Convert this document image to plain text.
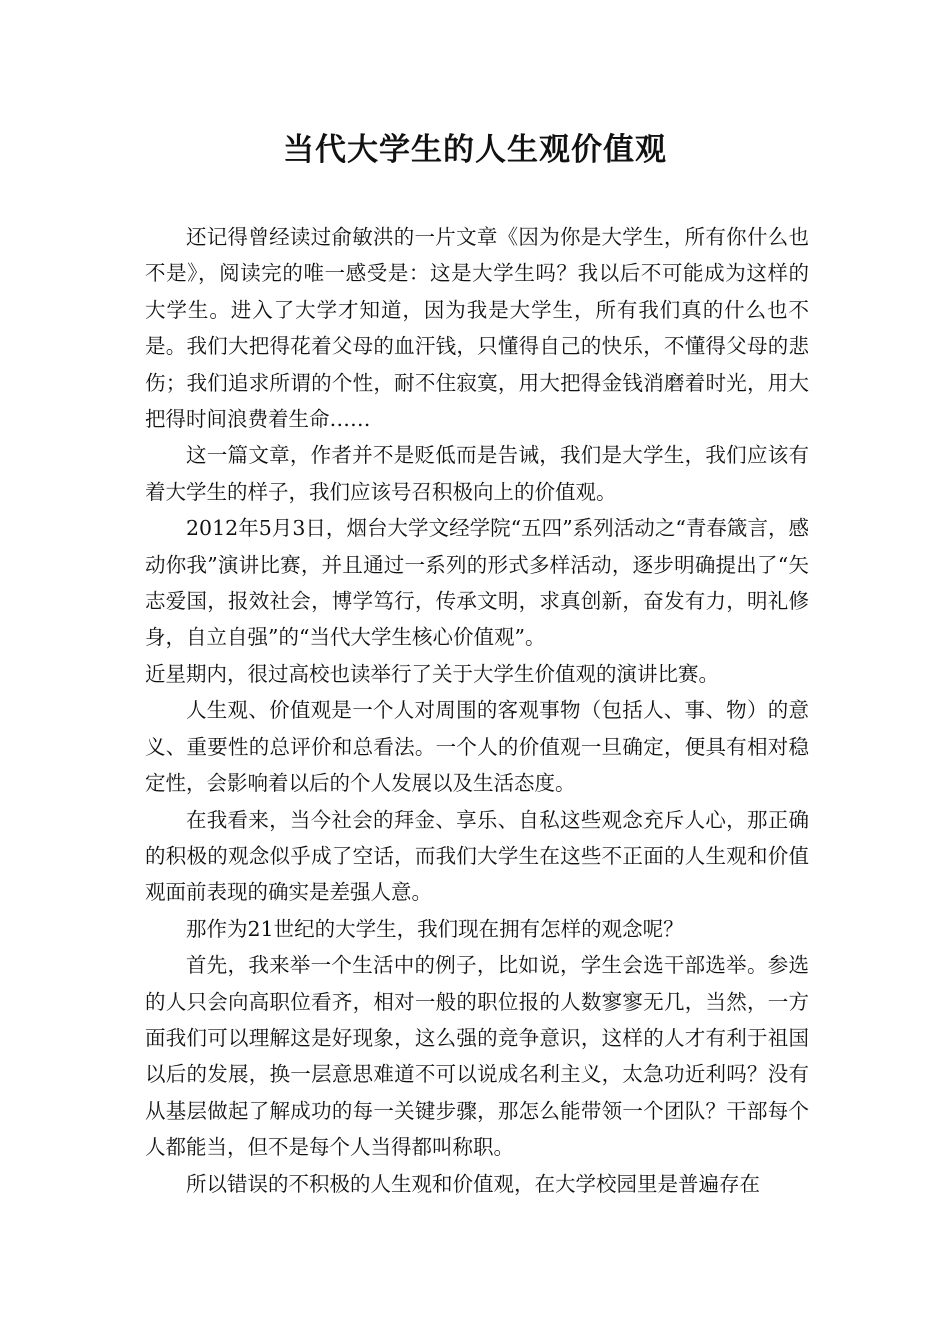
当代大学生的人生观价值观

还记得曾经读过俞敏洪的一片文章《因为你是大学生，所有你什么也不是》，阅读完的唯一感受是：这是大学生吗？我以后不可能成为这样的大学生。进入了大学才知道，因为我是大学生，所有我们真的什么也不是。我们大把得花着父母的血汗钱，只懂得自己的快乐，不懂得父母的悲伤；我们追求所谓的个性，耐不住寂寞，用大把得金钱消磨着时光，用大把得时间浪费着生命……

这一篇文章，作者并不是贬低而是告诫，我们是大学生，我们应该有着大学生的样子，我们应该号召积极向上的价值观。

2012年5月3日，烟台大学文经学院“五四”系列活动之“青春箴言，感动你我”演讲比赛，并且通过一系列的形式多样活动，逐步明确提出了“矢志爱国，报效社会，博学笃行，传承文明，求真创新，奋发有力，明礼修身，自立自强”的“当代大学生核心价值观”。

近星期内，很过高校也读举行了关于大学生价值观的演讲比赛。

人生观、价值观是一个人对周围的客观事物（包括人、事、物）的意义、重要性的总评价和总看法。一个人的价值观一旦确定，便具有相对稳定性，会影响着以后的个人发展以及生活态度。

在我看来，当今社会的拜金、享乐、自私这些观念充斥人心，那正确的积极的观念似乎成了空话，而我们大学生在这些不正面的人生观和价值观面前表现的确实是差强人意。

那作为21世纪的大学生，我们现在拥有怎样的观念呢？

首先，我来举一个生活中的例子，比如说，学生会选干部选举。参选的人只会向高职位看齐，相对一般的职位报的人数寥寥无几，当然，一方面我们可以理解这是好现象，这么强的竞争意识，这样的人才有利于祖国以后的发展，换一层意思难道不可以说成名利主义，太急功近利吗？没有从基层做起了解成功的每一关键步骤，那怎么能带领一个团队？干部每个人都能当，但不是每个人当得都叫称职。

所以错误的不积极的人生观和价值观，在大学校园里是普遍存在
